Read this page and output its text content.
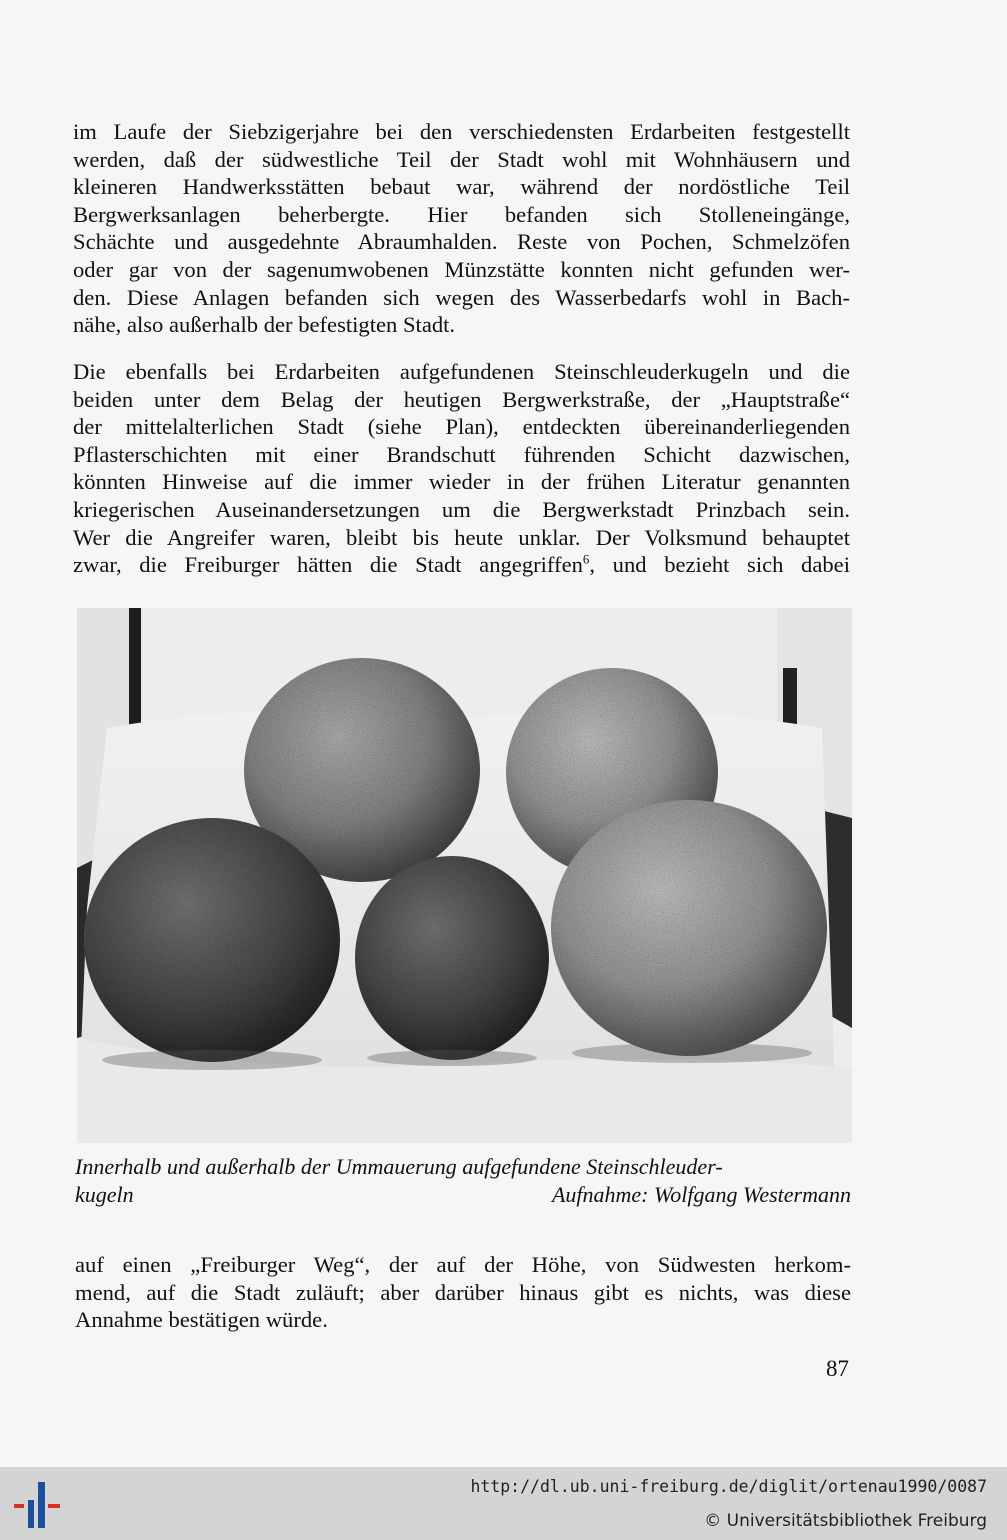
im Laufe der Siebzigerjahre bei den verschiedensten Erdarbeiten festgestellt
werden, daß der südwestliche Teil der Stadt wohl mit Wohnhäusern und
kleineren Handwerksstätten bebaut war, während der nordöstliche Teil
Bergwerksanlagen beherbergte. Hier befanden sich Stolleneingänge,
Schächte und ausgedehnte Abraumhalden. Reste von Pochen, Schmelzöfen
oder gar von der sagenumwobenen Münzstätte konnten nicht gefunden wer-
den. Diese Anlagen befanden sich wegen des Wasserbedarfs wohl in Bach-
nähe, also außerhalb der befestigten Stadt.
Die ebenfalls bei Erdarbeiten aufgefundenen Steinschleuderkugeln und die
beiden unter dem Belag der heutigen Bergwerkstraße, der „Hauptstraße“
der mittelalterlichen Stadt (siehe Plan), entdeckten übereinanderliegenden
Pflasterschichten mit einer Brandschutt führenden Schicht dazwischen,
könnten Hinweise auf die immer wieder in der frühen Literatur genannten
kriegerischen Auseinandersetzungen um die Bergwerkstadt Prinzbach sein.
Wer die Angreifer waren, bleibt bis heute unklar. Der Volksmund behauptet
zwar, die Freiburger hätten die Stadt angegriffen$^6$, und bezieht sich dabei
Innerhalb und außerhalb der Ummauerung aufgefundene Steinschleuder-
kugeln	Aufnahme: Wolfgang Westermann
auf einen „Freiburger Weg“, der auf der Höhe, von Südwesten herkom-
mend, auf die Stadt zuläuft; aber darüber hinaus gibt es nichts, was diese
Annahme bestätigen würde.
87
http://dl.ub.uni-freiburg.de/diglit/ortenau1990/0087
© Universitätsbibliothek Freiburg
